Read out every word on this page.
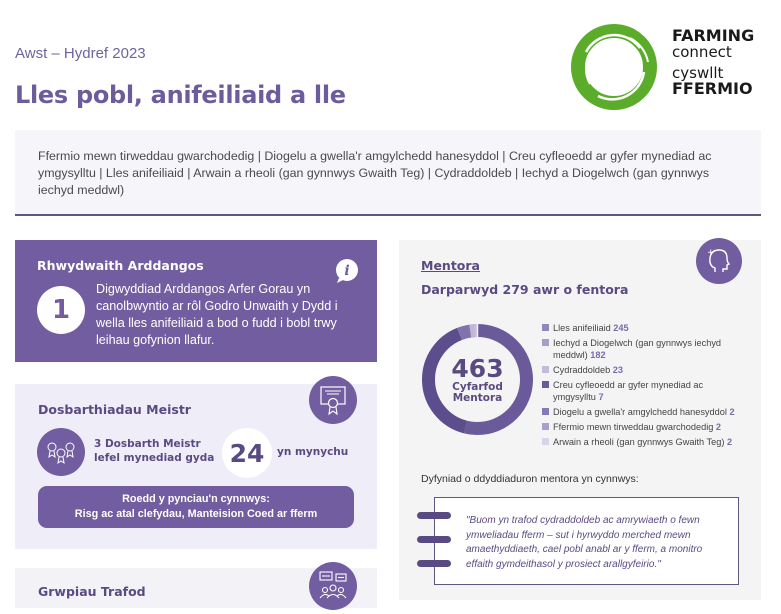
Awst – Hydref 2023
Lles pobl, anifeiliaid a lle
FARMING
connect
cyswllt
FFERMIO
Ffermio mewn tirweddau gwarchodedig | Diogelu a gwella'r amgylchedd hanesyddol | Creu cyfleoedd ar gyfer mynediad ac ymgysylltu | Lles anifeiliaid | Arwain a rheoli (gan gynnwys Gwaith Teg) | Cydraddoldeb | Iechyd a Diogelwch (gan gynnwys iechyd meddwl)
Rhwydwaith Arddangos	i
1

Digwyddiad Arddangos Arfer Gorau yn canolbwyntio ar rôl Godro Unwaith y Dydd i wella lles anifeiliaid a bod o fudd i bobl trwy leihau gofynion llafur.

Dosbarthiadau Meistr
3 Dosbarth Meistr
lefel mynediad gyda 24	yn mynychu
Roedd y pynciau'n cynnwys:
Risg ac atal clefydau, Manteision Coed ar fferm
Grwpiau Trafod
Mentora
+
Darparwyd 279 awr o fentora
463
Cyfarfod
Mentora
Lles anifeiliaid 245
Iechyd a Diogelwch (gan gynnwys iechyd meddwl) 182
Cydraddoldeb 23
Creu cyfleoedd ar gyfer mynediad ac ymgysylltu 7
Diogelu a gwella'r amgylchedd hanesyddol 2
Ffermio mewn tirweddau gwarchodedig 2
Arwain a rheoli (gan gynnwys Gwaith Teg) 2
Dyfyniad o ddyddiaduron mentora yn cynnwys:
"Buom yn trafod cydraddoldeb ac amrywiaeth o fewn ymweliadau fferm – sut i hyrwyddo merched mewn amaethyddiaeth, cael pobl anabl ar y fferm, a monitro effaith gymdeithasol y prosiect arallgyfeirio."
